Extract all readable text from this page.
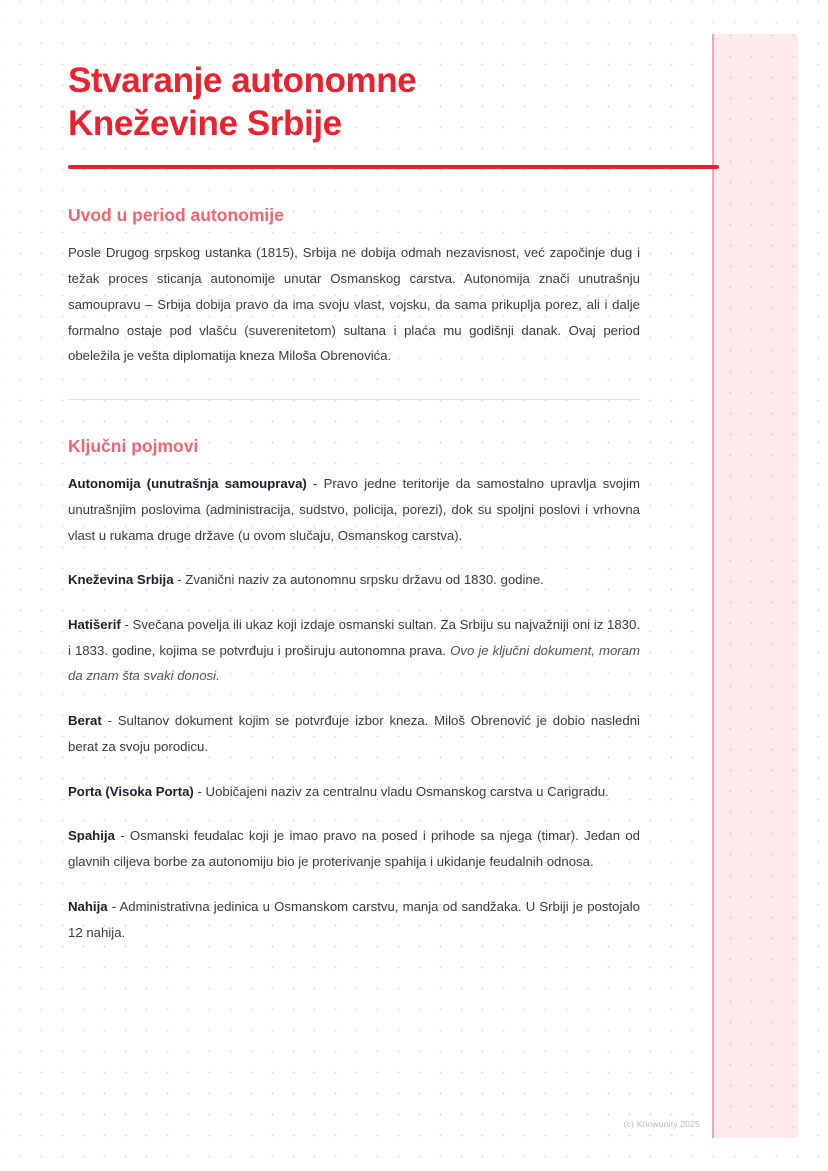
Stvaranje autonomne
Kneževine Srbije
Uvod u period autonomije

Posle Drugog srpskog ustanka (1815), Srbija ne dobija odmah nezavisnost, već započinje dug i težak proces sticanja autonomije unutar Osmanskog carstva. Autonomija znači unutrašnju samoupravu – Srbija dobija pravo da ima svoju vlast, vojsku, da sama prikuplja porez, ali i dalje formalno ostaje pod vlašću (suverenitetom) sultana i plaća mu godišnji danak. Ovaj period obeležila je vešta diplomatija kneza Miloša Obrenovića.

Ključni pojmovi
Autonomija (unutrašnja samouprava) - Pravo jedne teritorije da samostalno upravlja svojim unutrašnjim poslovima (administracija, sudstvo, policija, porezi), dok su spoljni poslovi i vrhovna vlast u rukama druge države (u ovom slučaju, Osmanskog carstva).
Kneževina Srbija - Zvanični naziv za autonomnu srpsku državu od 1830. godine.
Hatišerif - Svečana povelja ili ukaz koji izdaje osmanski sultan. Za Srbiju su najvažniji oni iz 1830. i 1833. godine, kojima se potvrđuju i proširuju autonomna prava. Ovo je ključni dokument, moram da znam šta svaki donosi.
Berat - Sultanov dokument kojim se potvrđuje izbor kneza. Miloš Obrenović je dobio nasledni berat za svoju porodicu.
Porta (Visoka Porta) - Uobičajeni naziv za centralnu vladu Osmanskog carstva u Carigradu.
Spahija - Osmanski feudalac koji je imao pravo na posed i prihode sa njega (timar). Jedan od glavnih ciljeva borbe za autonomiju bio je proterivanje spahija i ukidanje feudalnih odnosa.
Nahija - Administrativna jedinica u Osmanskom carstvu, manja od sandžaka. U Srbiji je postojalo 12 nahija.
(c) Knowunity 2025
